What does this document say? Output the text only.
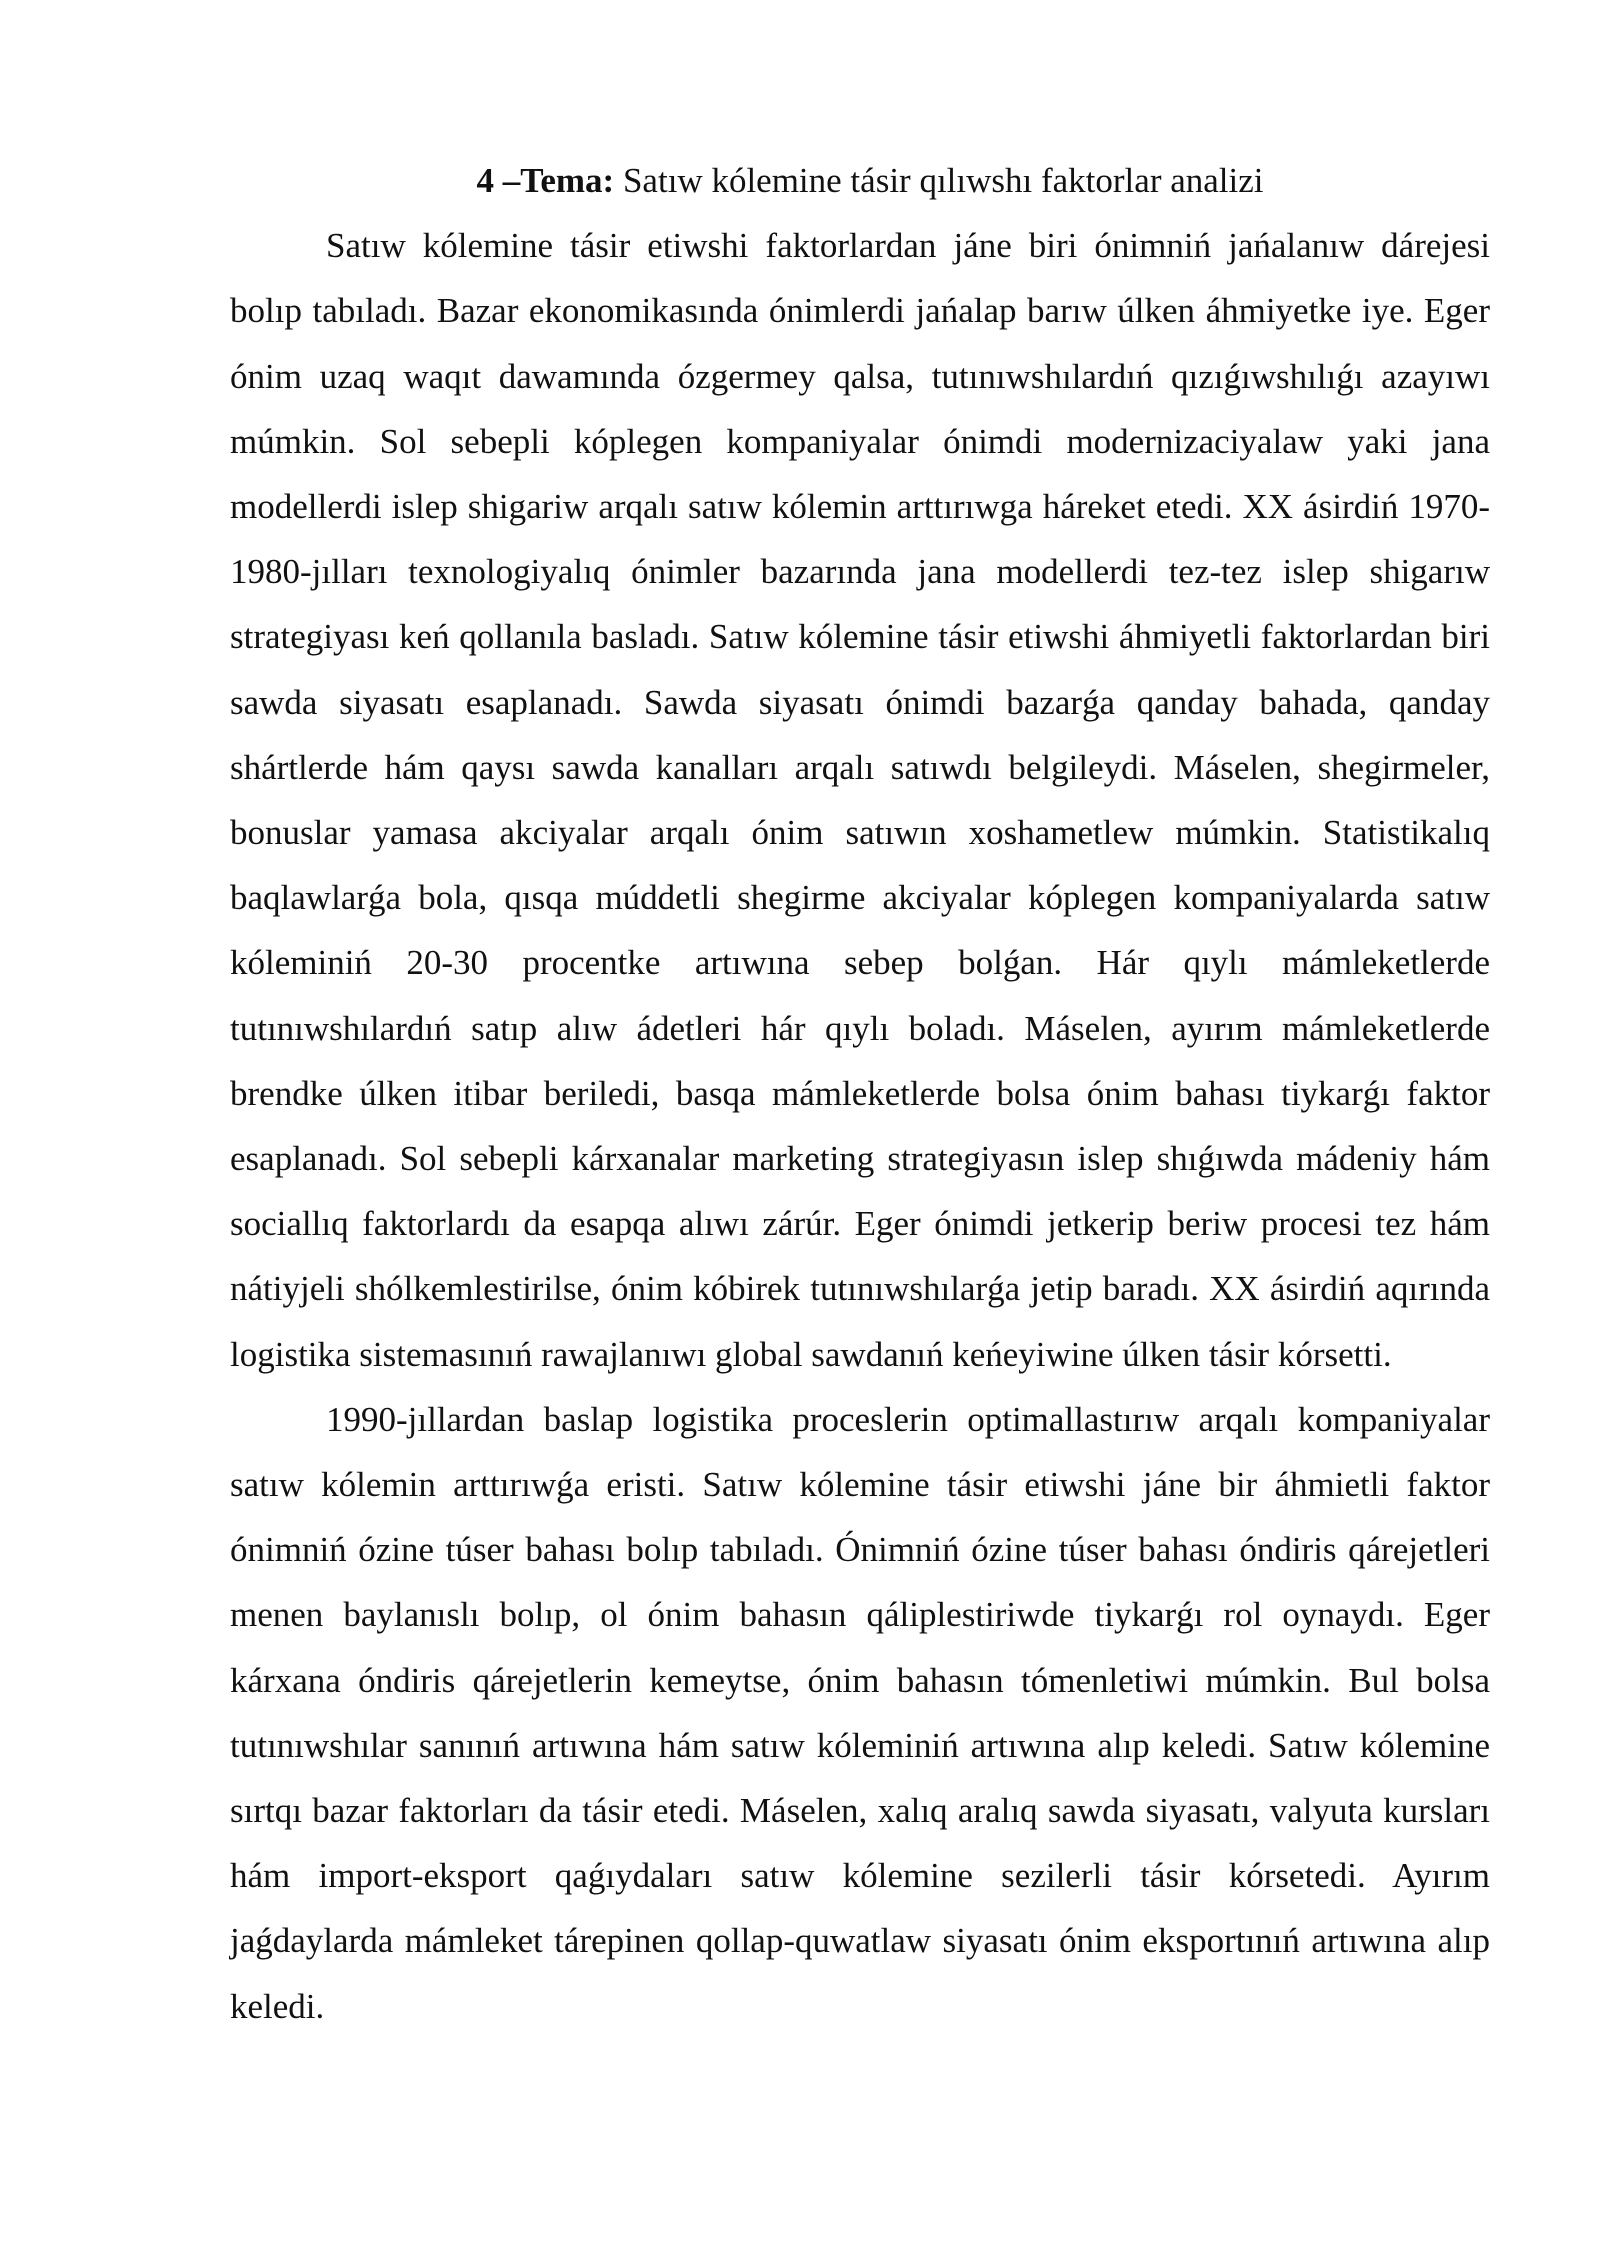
4 –Tema: Satıw kólemine tásir qılıwshı faktorlar analizi

Satıw kólemine tásir etiwshi faktorlardan jáne biri ónimniń jańalanıw dárejesi bolıp tabıladı. Bazar ekonomikasında ónimlerdi jańalap barıw úlken áhmiyetke iye. Eger ónim uzaq waqıt dawamında ózgermey qalsa, tutınıwshılardıń qızıǵıwshılıǵı azayıwı múmkin. Sol sebepli kóplegen kompaniyalar ónimdi modernizaciyalaw yaki jana modellerdi islep shigariw arqalı satıw kólemin arttırıwga háreket etedi. XX ásirdiń 1970-1980-jılları texnologiyalıq ónimler bazarında jana modellerdi tez-tez islep shigarıw strategiyası keń qollanıla basladı. Satıw kólemine tásir etiwshi áhmiyetli faktorlardan biri sawda siyasatı esaplanadı. Sawda siyasatı ónimdi bazarǵa qanday bahada, qanday shártlerde hám qaysı sawda kanalları arqalı satıwdı belgileydi. Máselen, shegirmeler, bonuslar yamasa akciyalar arqalı ónim satıwın xoshametlew múmkin. Statistikalıq baqlawlarǵa bola, qısqa múddetli shegirme akciyalar kóplegen kompaniyalarda satıw kóleminiń 20-30 procentke artıwına sebep bolǵan. Hár qıylı mámleketlerde tutınıwshılardıń satıp alıw ádetleri hár qıylı boladı. Máselen, ayırım mámleketlerde brendke úlken itibar beriledi, basqa mámleketlerde bolsa ónim bahası tiykarǵı faktor esaplanadı. Sol sebepli kárxanalar marketing strategiyasın islep shıǵıwda mádeniy hám sociallıq faktorlardı da esapqa alıwı zárúr. Eger ónimdi jetkerip beriw procesi tez hám nátiyjeli shólkemlestirilse, ónim kóbirek tutınıwshılarǵa jetip baradı. XX ásirdiń aqırında logistika sistemasınıń rawajlanıwı global sawdanıń keńeyiwine úlken tásir kórsetti.

1990-jıllardan baslap logistika proceslerin optimallastırıw arqalı kompaniyalar satıw kólemin arttırıwǵa eristi. Satıw kólemine tásir etiwshi jáne bir áhmietli faktor ónimniń ózine túser bahası bolıp tabıladı. Ónimniń ózine túser bahası óndiris qárejetleri menen baylanıslı bolıp, ol ónim bahasın qáliplestiriwde tiykarǵı rol oynaydı. Eger kárxana óndiris qárejetlerin kemeytse, ónim bahasın tómenletiwi múmkin. Bul bolsa tutınıwshılar sanınıń artıwına hám satıw kóleminiń artıwına alıp keledi. Satıw kólemine sırtqı bazar faktorları da tásir etedi. Máselen, xalıq aralıq sawda siyasatı, valyuta kursları hám import-eksport qaǵıydaları satıw kólemine sezilerli tásir kórsetedi. Ayırım jaǵdaylarda mámleket tárepinen qollap-quwatlaw siyasatı ónim eksportınıń artıwına alıp keledi.
